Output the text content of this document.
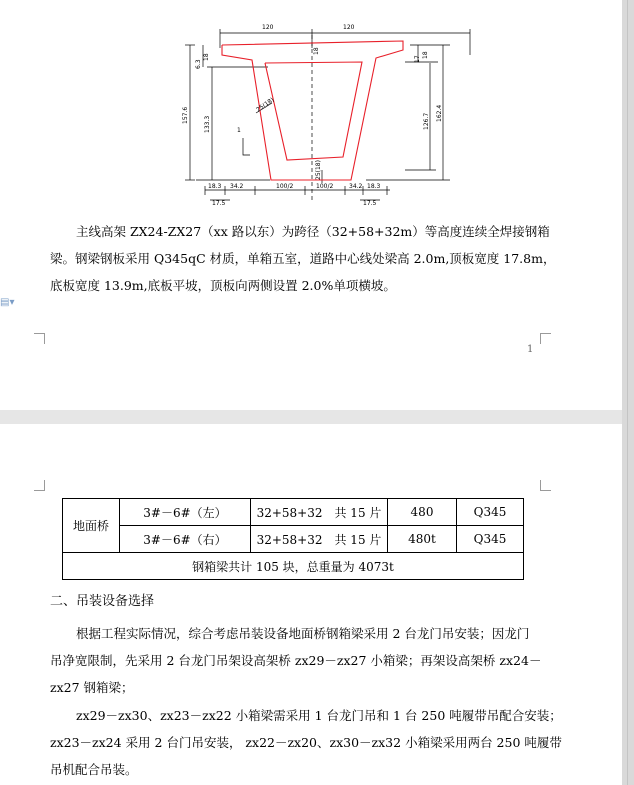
120	120
18
6.3
157.6
133.3
18
25(18)
25(18)
17
18
126.7 162.4
18.3 34.2	100/2	100/2	34.2 18.3
17.5	17.5
1
主线高架 ZX24-ZX27（xx 路以东）为跨径（32+58+32m）等高度连续全焊接钢箱
梁。钢梁钢板采用 Q345qC 材质，单箱五室，道路中心线处梁高 2.0m,顶板宽度 17.8m，
底板宽度 13.9m,底板平坡，顶板向两侧设置 2.0%单项横坡。
▤▾
1
地面桥	3#－6#（左）	32+58+32　共 15 片	480	Q345
	3#－6#（右）	32+58+32　共 15 片	480t	Q345
钢箱梁共计 105 块，总重量为 4073t				
二、吊装设备选择
根据工程实际情况，综合考虑吊装设备地面桥钢箱梁采用 2 台龙门吊安装；因龙门
吊净宽限制，先采用 2 台龙门吊架设高架桥 zx29－zx27 小箱梁；再架设高架桥 zx24－
zx27 钢箱梁；
zx29－zx30、zx23－zx22 小箱梁需采用 1 台龙门吊和 1 台 250 吨履带吊配合安装；
zx23－zx24 采用 2 台门吊安装， zx22－zx20、zx30－zx32 小箱梁采用两台 250 吨履带
吊机配合吊装。
